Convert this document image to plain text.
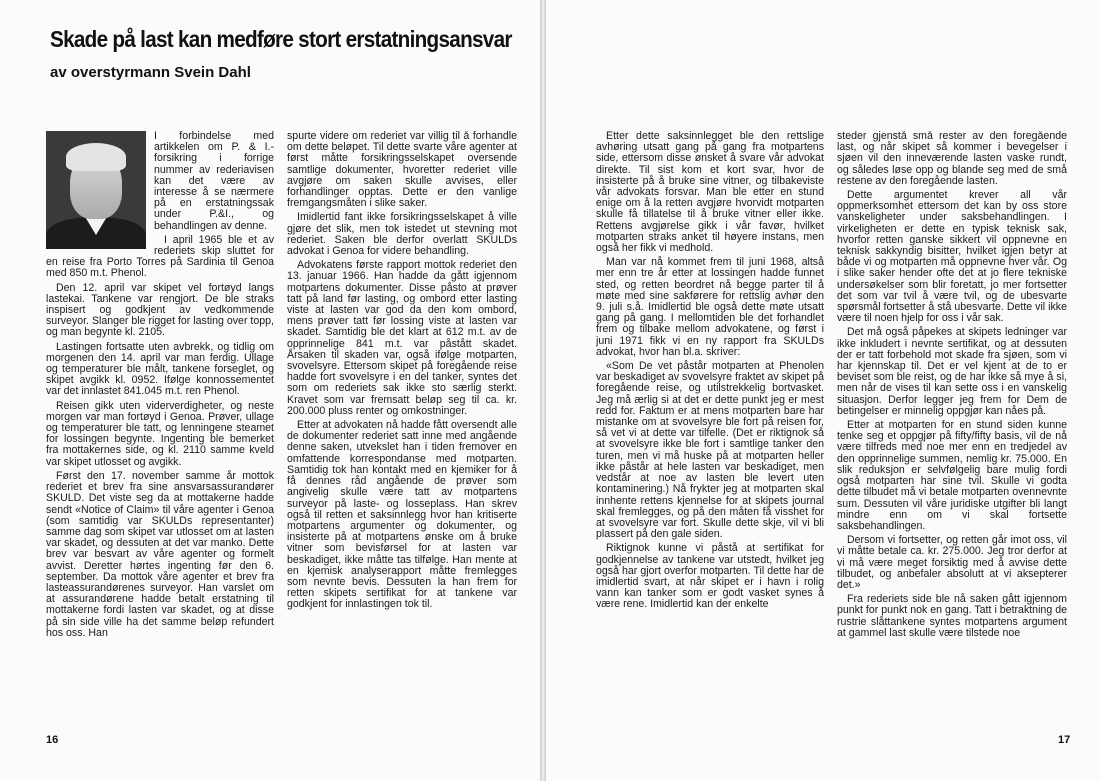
Skade på last kan medføre stort erstatningsansvar
av overstyrmann Svein Dahl

I forbindelse med artikkelen om P. & I.-forsikring i forrige nummer av rederiavisen kan det være av interesse å se nærmere på en erstatningssak under P.&I., og behandlingen av denne.

I april 1965 ble et av rederiets skip sluttet for en reise fra Porto Torres på Sardinia til Genoa med 850 m.t. Phenol.

Den 12. april var skipet vel fortøyd langs lastekai. Tankene var rengjort. De ble straks inspisert og godkjent av vedkommende surveyor. Slanger ble rigget for lasting over topp, og man begynte kl. 2105.

Lastingen fortsatte uten avbrekk, og tidlig om morgenen den 14. april var man ferdig. Ullage og temperaturer ble målt, tankene forseglet, og skipet avgikk kl. 0952. Ifølge konnossementet var det innlastet 841.045 m.t. ren Phenol.

Reisen gikk uten viderverdigheter, og neste morgen var man fortøyd i Genoa. Prøver, ullage og temperaturer ble tatt, og lenningene steamet for lossingen begynte. Ingenting ble bemerket fra mottakernes side, og kl. 2110 samme kveld var skipet utlosset og avgikk.

Først den 17. november samme år mottok rederiet et brev fra sine ansvarsassurandører SKULD. Det viste seg da at mottakerne hadde sendt «Notice of Claim» til våre agenter i Genoa (som samtidig var SKULDs representanter) samme dag som skipet var utlosset om at lasten var skadet, og dessuten at det var manko. Dette brev var besvart av våre agenter og formelt avvist. Deretter hørtes ingenting før den 6. september. Da mottok våre agenter et brev fra lasteassurandørenes surveyor. Han varslet om at assurandørene hadde betalt erstatning til mottakerne fordi lasten var skadet, og at disse på sin side ville ha det samme beløp refundert hos oss. Han

spurte videre om rederiet var villig til å forhandle om dette beløpet. Til dette svarte våre agenter at først måtte forsikringsselskapet oversende samtlige dokumenter, hvoretter rederiet ville avgjøre om saken skulle avvises, eller forhandlinger opptas. Dette er den vanlige fremgangsmåten i slike saker.

Imidlertid fant ikke forsikringsselskapet å ville gjøre det slik, men tok istedet ut stevning mot rederiet. Saken ble derfor overlatt SKULDs advokat i Genoa for videre behandling.

Advokatens første rapport mottok rederiet den 13. januar 1966. Han hadde da gått igjennom motpartens dokumenter. Disse påsto at prøver tatt på land før lasting, og ombord etter lasting viste at lasten var god da den kom ombord, mens prøver tatt før lossing viste at lasten var skadet. Samtidig ble det klart at 612 m.t. av de opprinnelige 841 m.t. var påstått skadet. Årsaken til skaden var, også ifølge motparten, svovelsyre. Ettersom skipet på foregående reise hadde fort svovelsyre i en del tanker, syntes det som om rederiets sak ikke sto særlig sterkt. Kravet som var fremsatt beløp seg til ca. kr. 200.000 pluss renter og omkostninger.

Etter at advokaten nå hadde fått oversendt alle de dokumenter rederiet satt inne med angående denne saken, utvekslet han i tiden fremover en omfattende korrespondanse med motparten. Samtidig tok han kontakt med en kjemiker for å få dennes råd angående de prøver som angivelig skulle være tatt av motpartens surveyor på laste- og losseplass. Han skrev også til retten et saksinnlegg hvor han kritiserte motpartens argumenter og dokumenter, og insisterte på at motpartens ønske om å bruke vitner som bevisførsel for at lasten var beskadiget, ikke måtte tas tilfølge. Han mente at en kjemisk analyserapport måtte fremlegges som nevnte bevis. Dessuten la han frem for retten skipets sertifikat for at tankene var godkjent for innlastingen tok til.

16

Etter dette saksinnlegget ble den rettslige avhøring utsatt gang på gang fra motpartens side, ettersom disse ønsket å svare vår advokat direkte. Til sist kom et kort svar, hvor de insisterte på å bruke sine vitner, og tilbakeviste vår advokats forsvar. Man ble etter en stund enige om å la retten avgjøre hvorvidt motparten skulle få tillatelse til å bruke vitner eller ikke. Rettens avgjørelse gikk i vår favør, hvilket motparten straks anket til høyere instans, men også her fikk vi medhold.

Man var nå kommet frem til juni 1968, altså mer enn tre år etter at lossingen hadde funnet sted, og retten beordret nå begge parter til å møte med sine sakførere for rettslig avhør den 9. juli s.å. Imidlertid ble også dette møte utsatt gang på gang. I mellomtiden ble det forhandlet frem og tilbake mellom advokatene, og først i juni 1971 fikk vi en ny rapport fra SKULDs advokat, hvor han bl.a. skriver:

«Som De vet påstår motparten at Phenolen var beskadiget av svovelsyre fraktet av skipet på foregående reise, og utilstrekkelig bortvasket. Jeg må ærlig si at det er dette punkt jeg er mest redd for. Faktum er at mens motparten bare har mistanke om at svovelsyre ble fort på reisen for, så vet vi at dette var tilfelle. (Det er riktignok så at svovelsyre ikke ble fort i samtlige tanker den turen, men vi må huske på at motparten heller ikke påstår at hele lasten var beskadiget, men vedstår at noe av lasten ble levert uten kontaminering.) Nå frykter jeg at motparten skal innhente rettens kjennelse for at skipets journal skal fremlegges, og på den måten få visshet for at svovelsyre var fort. Skulle dette skje, vil vi bli plassert på den gale siden.

Riktignok kunne vi påstå at sertifikat for godkjennelse av tankene var utstedt, hvilket jeg også har gjort overfor motparten. Til dette har de imidlertid svart, at når skipet er i havn i rolig vann kan tanker som er godt vasket synes å være rene. Imidlertid kan der enkelte

steder gjenstå små rester av den foregående last, og når skipet så kommer i bevegelser i sjøen vil den inneværende lasten vaske rundt, og således løse opp og blande seg med de små restene av den foregående lasten.

Dette argumentet krever all vår oppmerksomhet ettersom det kan by oss store vanskeligheter under saksbehandlingen. I virkeligheten er dette en typisk teknisk sak, hvorfor retten ganske sikkert vil oppnevne en teknisk sakkyndig bisitter, hvilket igjen betyr at både vi og motparten må oppnevne hver vår. Og i slike saker hender ofte det at jo flere tekniske undersøkelser som blir foretatt, jo mer fortsetter det som var tvil å være tvil, og de ubesvarte spørsmål fortsetter å stå ubesvarte. Dette vil ikke være til noen hjelp for oss i vår sak.

Det må også påpekes at skipets ledninger var ikke inkludert i nevnte sertifikat, og at dessuten der er tatt forbehold mot skade fra sjøen, som vi har kjennskap til. Det er vel kjent at de to er beviset som ble reist, og de har ikke så mye å si, men når de vises til kan sette oss i en vanskelig situasjon. Derfor legger jeg frem for Dem de betingelser er minnelig oppgjør kan nåes på.

Etter at motparten for en stund siden kunne tenke seg et oppgjør på fifty/fifty basis, vil de nå være tilfreds med noe mer enn en tredjedel av den opprinnelige summen, nemlig kr. 75.000. En slik reduksjon er selvfølgelig bare mulig fordi også motparten har sine tvil. Skulle vi godta dette tilbudet må vi betale motparten ovennevnte sum. Dessuten vil våre juridiske utgifter bli langt mindre enn om vi skal fortsette saksbehandlingen.

Dersom vi fortsetter, og retten går imot oss, vil vi måtte betale ca. kr. 275.000. Jeg tror derfor at vi må være meget forsiktig med å avvise dette tilbudet, og anbefaler absolutt at vi aksepterer det.»

Fra rederiets side ble nå saken gått igjennom punkt for punkt nok en gang. Tatt i betraktning de rustrie slåttankene syntes motpartens argument at gammel last skulle være tilstede noe

17
